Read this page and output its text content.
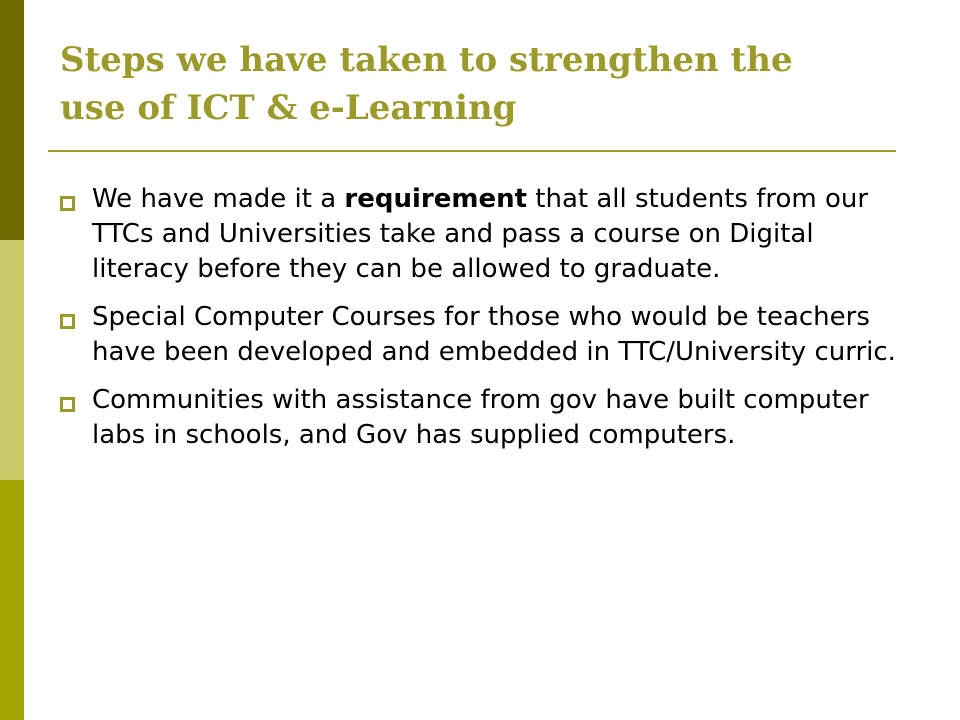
Steps we have taken to strengthen the
use of ICT & e-Learning
We have made it a requirement that all students from our TTCs and Universities take and pass a course on Digital literacy before they can be allowed to graduate.
Special Computer Courses for those who would be teachers have been developed and embedded in TTC/University curric.
Communities with assistance from gov have built computer labs in schools, and Gov has supplied computers.
